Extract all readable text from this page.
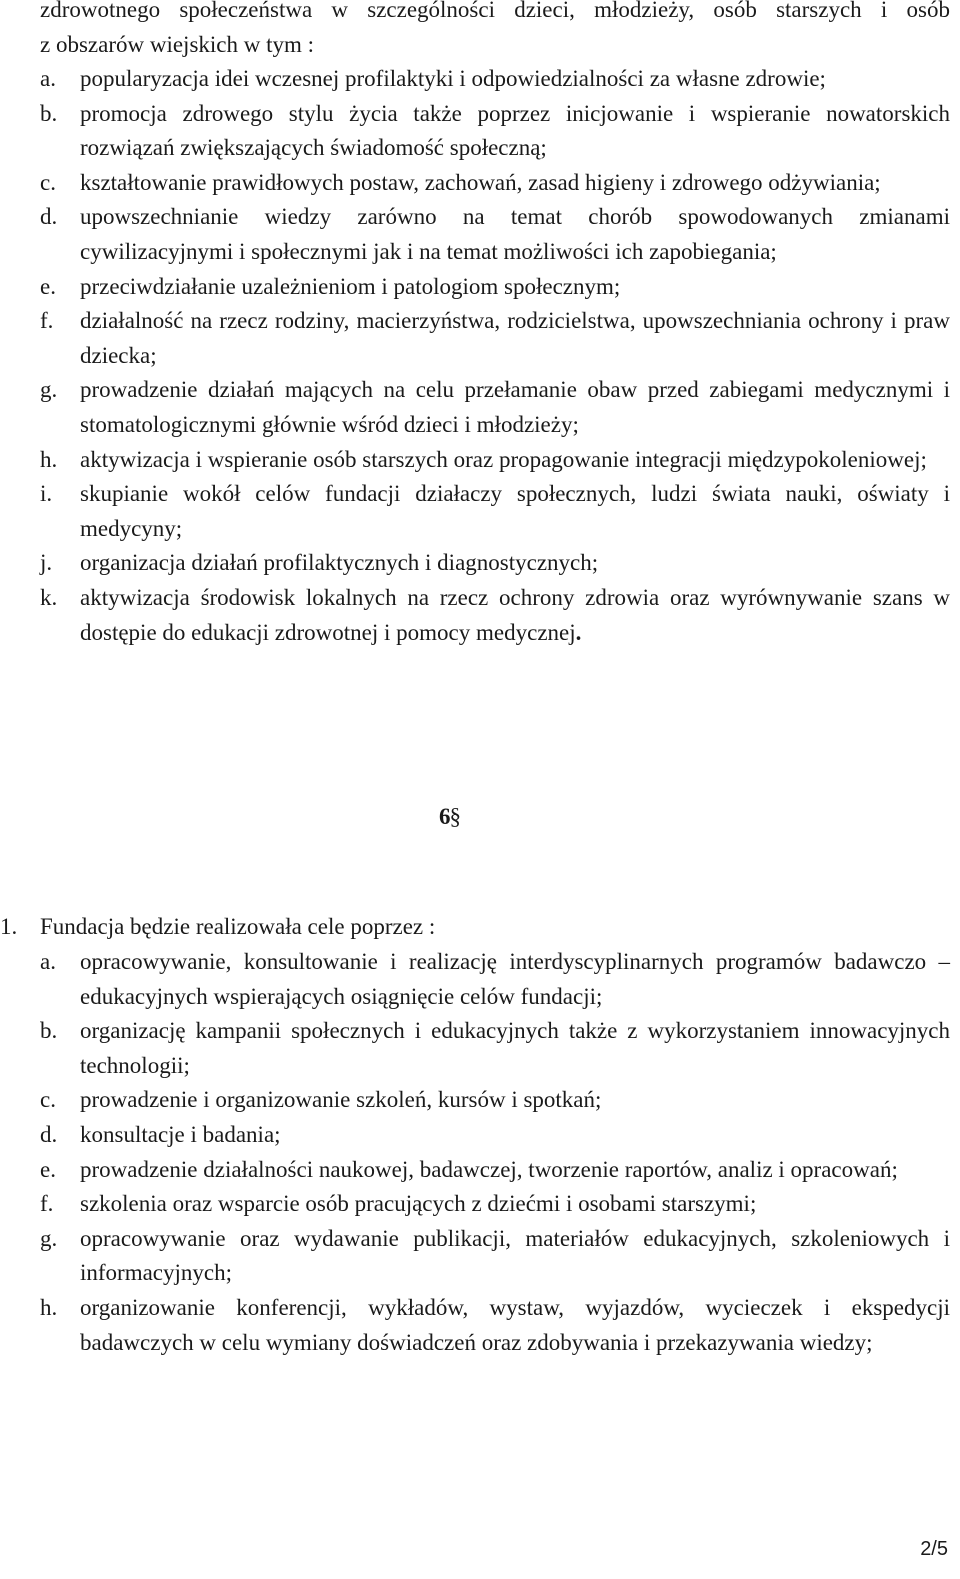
zdrowotnego społeczeństwa w szczególności dzieci, młodzieży, osób starszych i osób
z obszarów wiejskich w tym :
a.	popularyzacja idei wczesnej profilaktyki i odpowiedzialności za własne zdrowie;
b. promocja zdrowego stylu życia także poprzez inicjowanie i wspieranie nowatorskich rozwiązań zwiększających świadomość społeczną;
c.	kształtowanie prawidłowych postaw, zachowań, zasad higieny i zdrowego odżywiania;
d. upowszechnianie wiedzy zarówno na temat chorób spowodowanych zmianami cywilizacyjnymi i społecznymi jak i na temat możliwości ich zapobiegania;
e.	przeciwdziałanie uzależnieniom i patologiom społecznym;
f.	działalność na rzecz rodziny, macierzyństwa, rodzicielstwa, upowszechniania ochrony i praw dziecka;
g. prowadzenie działań mających na celu przełamanie obaw przed zabiegami medycznymi i stomatologicznymi głównie wśród dzieci i młodzieży;
h. aktywizacja i wspieranie osób starszych oraz propagowanie integracji międzypokoleniowej;
i.	skupianie wokół celów fundacji działaczy społecznych, ludzi świata nauki, oświaty i medycyny;
j.	organizacja działań profilaktycznych i diagnostycznych;
k. aktywizacja środowisk lokalnych na rzecz ochrony zdrowia oraz wyrównywanie szans w dostępie do edukacji zdrowotnej i pomocy medycznej.
§6
1. Fundacja będzie realizowała cele poprzez :
a.	opracowywanie, konsultowanie i realizację interdyscyplinarnych programów badawczo – edukacyjnych wspierających osiągnięcie celów fundacji;
b. organizację kampanii społecznych i edukacyjnych także z wykorzystaniem innowacyjnych technologii;
c.	prowadzenie i organizowanie szkoleń, kursów i spotkań;
d. konsultacje i badania;
e.	prowadzenie działalności naukowej, badawczej, tworzenie raportów, analiz i opracowań;
f.	szkolenia oraz wsparcie osób pracujących z dziećmi i osobami starszymi;
g. opracowywanie oraz wydawanie publikacji, materiałów edukacyjnych, szkoleniowych i informacyjnych;
h. organizowanie konferencji, wykładów, wystaw, wyjazdów, wycieczek i ekspedycji badawczych w celu wymiany doświadczeń oraz zdobywania i przekazywania wiedzy;
2/5
